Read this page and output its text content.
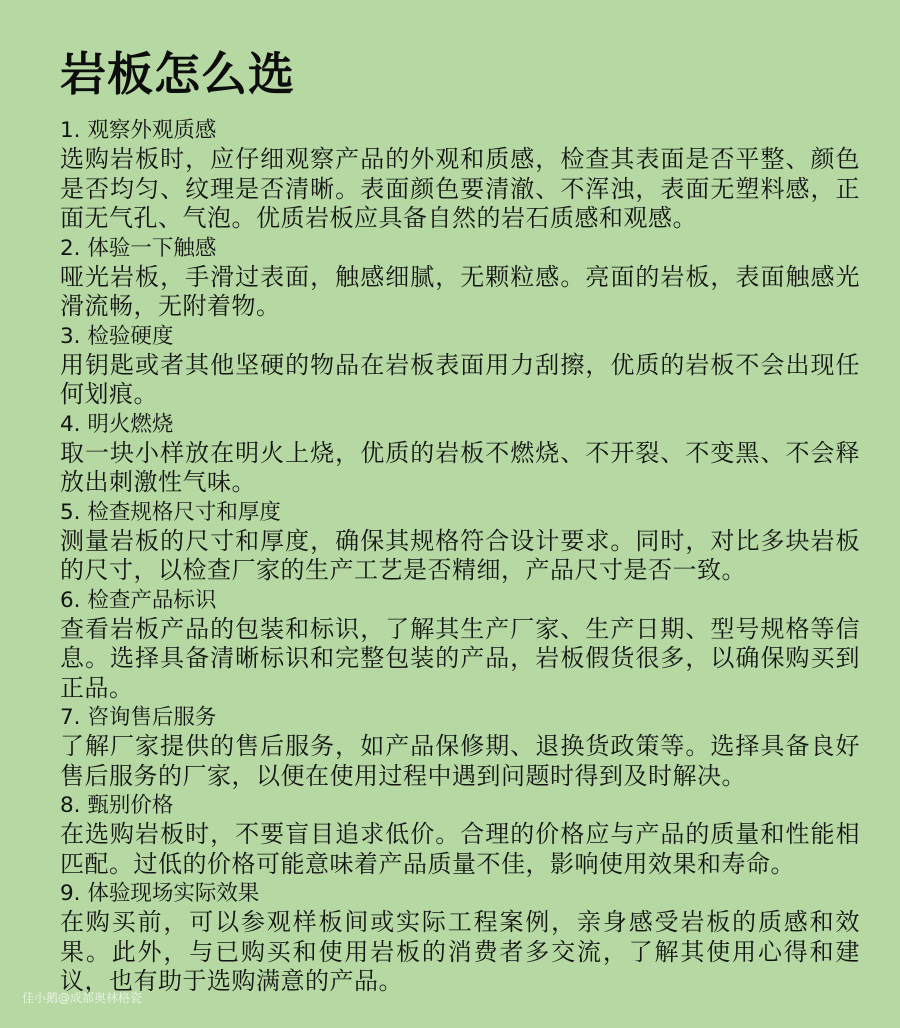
岩板怎么选
1. 观察外观质感
选购岩板时，应仔细观察产品的外观和质感，检查其表面是否平整、颜色是否均匀、纹理是否清晰。表面颜色要清澈、不浑浊，表面无塑料感，正面无气孔、气泡。优质岩板应具备自然的岩石质感和观感。
2. 体验一下触感
哑光岩板，手滑过表面，触感细腻，无颗粒感。亮面的岩板，表面触感光滑流畅，无附着物。
3. 检验硬度
用钥匙或者其他坚硬的物品在岩板表面用力刮擦，优质的岩板不会出现任何划痕。
4. 明火燃烧
取一块小样放在明火上烧，优质的岩板不燃烧、不开裂、不变黑、不会释放出刺激性气味。
5. 检查规格尺寸和厚度
测量岩板的尺寸和厚度，确保其规格符合设计要求。同时，对比多块岩板的尺寸，以检查厂家的生产工艺是否精细，产品尺寸是否一致。
6. 检查产品标识
查看岩板产品的包装和标识，了解其生产厂家、生产日期、型号规格等信息。选择具备清晰标识和完整包装的产品，岩板假货很多，以确保购买到正品。
7. 咨询售后服务
了解厂家提供的售后服务，如产品保修期、退换货政策等。选择具备良好售后服务的厂家，以便在使用过程中遇到问题时得到及时解决。
8. 甄别价格
在选购岩板时，不要盲目追求低价。合理的价格应与产品的质量和性能相匹配。过低的价格可能意味着产品质量不佳，影响使用效果和寿命。
9. 体验现场实际效果
在购买前，可以参观样板间或实际工程案例，亲身感受岩板的质感和效果。此外，与已购买和使用岩板的消费者多交流，了解其使用心得和建议，也有助于选购满意的产品。
佳小鹅@成都奥林格瓷
